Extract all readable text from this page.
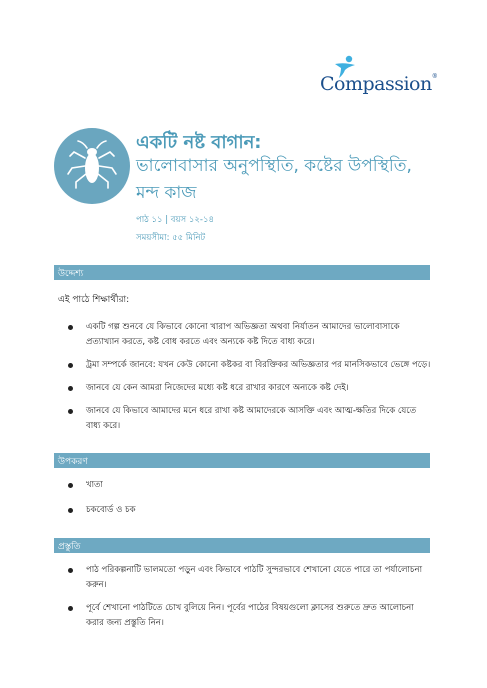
Compassion®
একটি নষ্ট বাগান:
ভালোবাসার অনুপস্থিতি, কষ্টের উপস্থিতি, মন্দ কাজ
পাঠ ১১ | বয়স ১২-১৪
সময়সীমা: ৫৫ মিনিট
উদ্দেশ্য
এই পাঠে শিক্ষার্থীরা:
একটি গল্প শুনবে যে কিভাবে কোনো খারাপ অভিজ্ঞতা অথবা নির্যাতন আমাদের ভালোবাসাকে প্রত্যাখ্যান করতে, কষ্ট বোধ করতে এবং অন্যকে কষ্ট দিতে বাধ্য করে।
ট্রমা সম্পর্কে জানবে: যখন কেউ কোনো কষ্টকর বা বিরক্তিকর অভিজ্ঞতার পর মানসিকভাবে ভেঙ্গে পড়ে।
জানবে যে কেন আমরা নিজেদের মধ্যে কষ্ট ধরে রাখার কারণে অন্যকে কষ্ট দেই।
জানবে যে কিভাবে আমাদের মনে ধরে রাখা কষ্ট আমাদেরকে আসক্তি এবং আত্ম-ক্ষতির দিকে যেতে বাধ্য করে।
উপকরণ
খাতা
চকবোর্ড ও চক
প্রস্তুতি
পাঠ পরিকল্পনাটি ভালমতো পড়ুন এবং কিভাবে পাঠটি সুন্দরভাবে শেখানো যেতে পারে তা পর্যালোচনা করুন।
পূর্বে শেখানো পাঠটিতে চোখ বুলিয়ে নিন। পূর্বের পাঠের বিষয়গুলো ক্লাসের শুরুতে দ্রুত আলোচনা করার জন্য প্রস্তুতি নিন।
